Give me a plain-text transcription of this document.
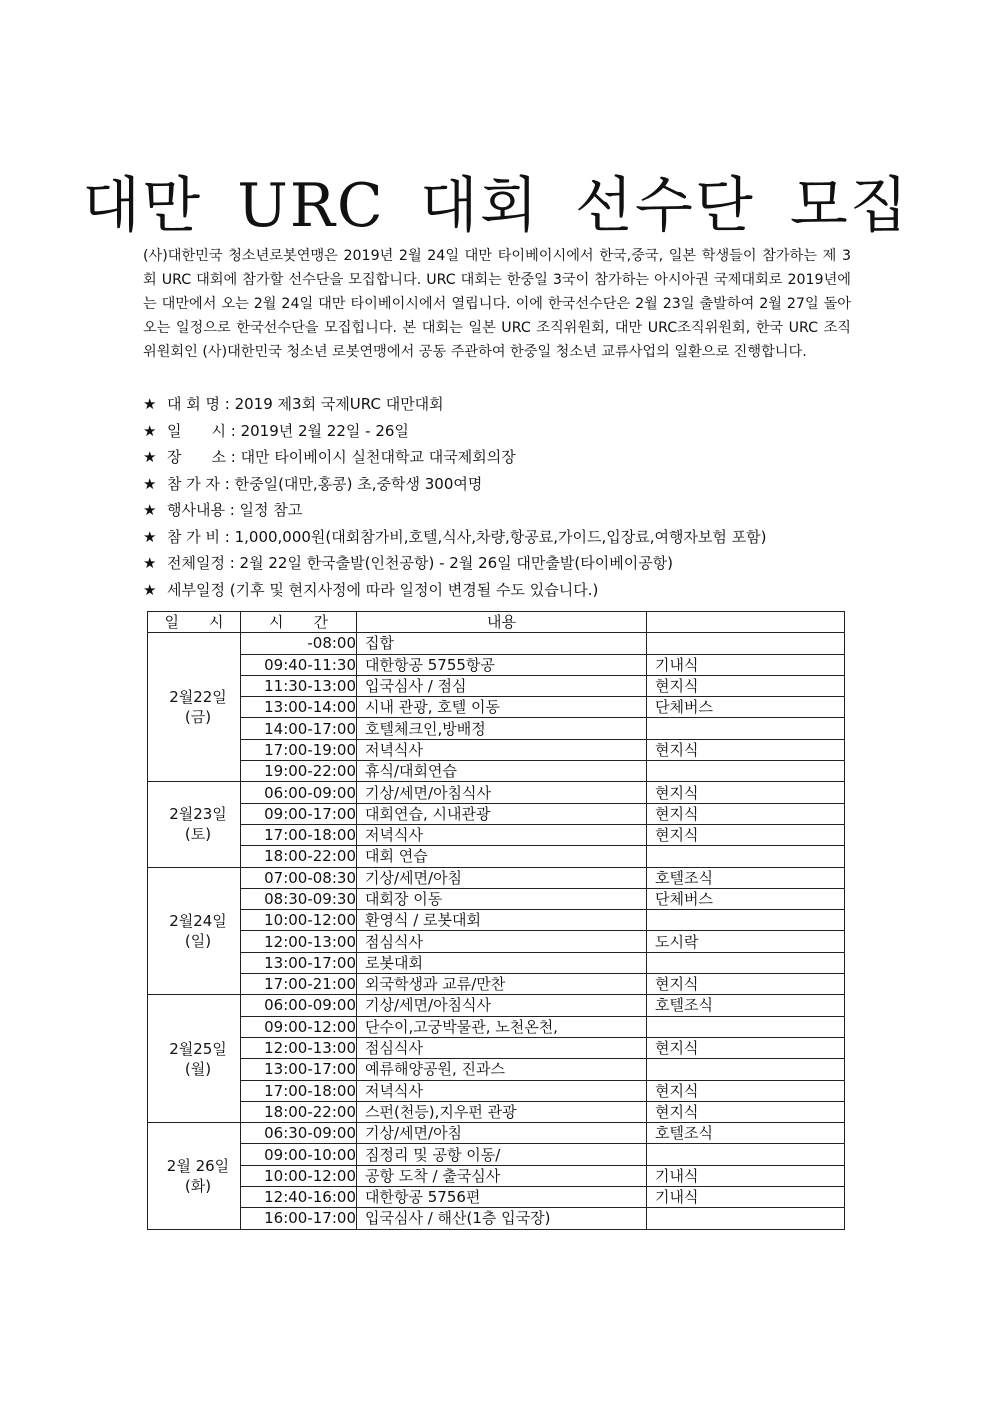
대만 URC 대회 선수단 모집

(사)대한민국 청소년로봇연맹은 2019년 2월 24일 대만 타이베이시에서 한국,중국, 일본 학생들이 참가하는 제 3회 URC 대회에 참가할 선수단을 모집합니다. URC 대회는 한중일 3국이 참가하는 아시아권 국제대회로 2019년에는 대만에서 오는 2월 24일 대만 타이베이시에서 열립니다. 이에 한국선수단은 2월 23일 출발하여 2월 27일 돌아오는 일정으로 한국선수단을 모집힙니다. 본 대회는 일본 URC 조직위원회, 대만 URC조직위원회, 한국 URC 조직위원회인 (사)대한민국 청소년 로봇연맹에서 공동 주관하여 한중일 청소년 교류사업의 일환으로 진행합니다.

★ 대 회 명 : 2019 제3회 국제URC 대만대회
★ 일　　시 : 2019년 2월 22일 - 26일
★ 장　　소 : 대만 타이베이시 실천대학교 대국제회의장
★ 참 가 자 : 한중일(대만,홍콩) 초,중학생 300여명
★ 행사내용 : 일정 참고
★ 참 가 비 : 1,000,000원(대회참가비,호텔,식사,차량,항공료,가이드,입장료,여행자보험 포함)
★ 전체일정 : 2월 22일 한국출발(인천공항) - 2월 26일 대만출발(타이베이공항)
★ 세부일정 (기후 및 현지사정에 따라 일정이 변경될 수도 있습니다.)
일　　시	시　　간	내용	

2월22일
(금)	-08:00	집합	
	09:40-11:30	대한항공 5755항공	기내식
	11:30-13:00	입국심사 / 점심	현지식
	13:00-14:00	시내 관광, 호텔 이동	단체버스
	14:00-17:00	호텔체크인,방배정	
	17:00-19:00	저녁식사	현지식
	19:00-22:00	휴식/대회연습	

2월23일
(토)	06:00-09:00	기상/세면/아침식사	현지식
	09:00-17:00	대회연습, 시내관광	현지식
	17:00-18:00	저녁식사	현지식
	18:00-22:00	대회 연습	

2월24일
(일)	07:00-08:30	기상/세면/아침	호텔조식
	08:30-09:30	대회장 이동	단체버스
	10:00-12:00	환영식 / 로봇대회	
	12:00-13:00	점심식사	도시락
	13:00-17:00	로봇대회	
	17:00-21:00	외국학생과 교류/만찬	현지식

2월25일
(월)	06:00-09:00	기상/세면/아침식사	호텔조식
	09:00-12:00	단수이,고궁박물관, 노천온천,	
	12:00-13:00	점심식사	현지식
	13:00-17:00	예류해양공원, 진과스	
	17:00-18:00	저녁식사	현지식
	18:00-22:00	스펀(천등),지우펀 관광	현지식

2월 26일
(화)	06:30-09:00	기상/세면/아침	호텔조식
	09:00-10:00	짐정리 및 공항 이동/	
	10:00-12:00	공항 도착 / 출국심사	기내식
	12:40-16:00	대한항공 5756편	기내식
	16:00-17:00	입국심사 / 해산(1층 입국장)	
